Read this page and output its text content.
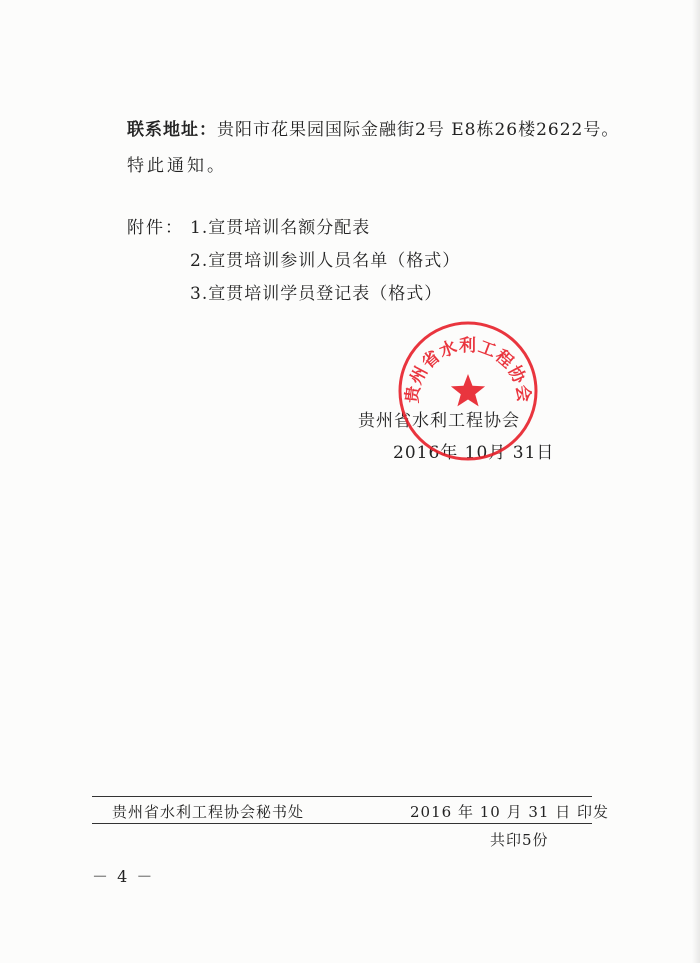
联系地址：贵阳市花果园国际金融街2号 E8栋26楼2622号。
特此通知。
附件： 1.宣贯培训名额分配表
2.宣贯培训参训人员名单（格式）
3.宣贯培训学员登记表（格式）
贵州省水利工程协会
2016年 10月 31日
贵州省水利工程协会
贵州省水利工程协会秘书处	2016 年 10 月 31 日 印发
共印5份
－ 4 －
